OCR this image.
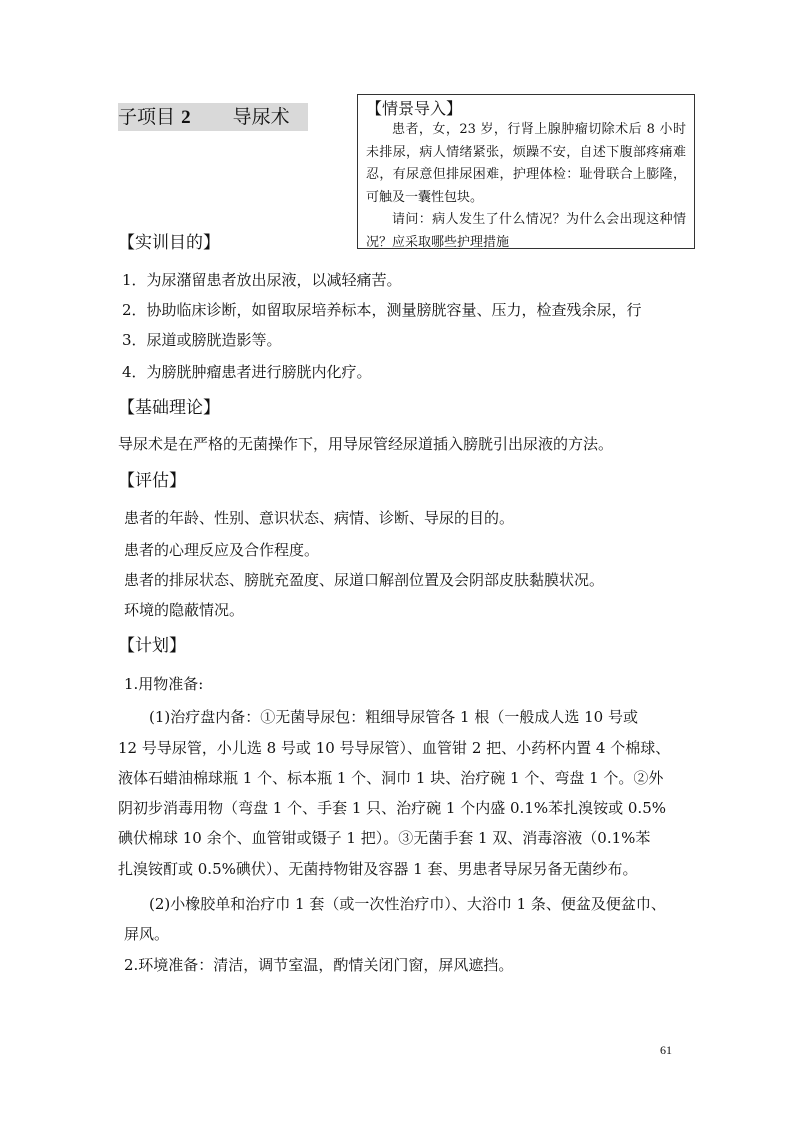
子项目 2 导尿术	【情景导入】

患者，女，23 岁，行肾上腺肿瘤切除术后 8 小时未排尿，病人情绪紧张，烦躁不安，自述下腹部疼痛难忍，有尿意但排尿困难，护理体检：耻骨联合上膨隆，可触及一囊性包块。

请问：病人发生了什么情况？为什么会出现这种情况？应采取哪些护理措施

【实训目的】
1．为尿潴留患者放出尿液，以减轻痛苦。
2．协助临床诊断，如留取尿培养标本，测量膀胱容量、压力，检查残余尿，行
3．尿道或膀胱造影等。
4．为膀胱肿瘤患者进行膀胱内化疗。
【基础理论】
导尿术是在严格的无菌操作下，用导尿管经尿道插入膀胱引出尿液的方法。
【评估】
患者的年龄、性别、意识状态、病情、诊断、导尿的目的。
患者的心理反应及合作程度。
患者的排尿状态、膀胱充盈度、尿道口解剖位置及会阴部皮肤黏膜状况。
环境的隐蔽情况。
【计划】
1.用物准备:
(1)治疗盘内备：①无菌导尿包：粗细导尿管各 1 根（一般成人选 10 号或
12 号导尿管，小儿选 8 号或 10 号导尿管）、血管钳 2 把、小药杯内置 4 个棉球、
液体石蜡油棉球瓶 1 个、标本瓶 1 个、洞巾 1 块、治疗碗 1 个、弯盘 1 个。②外
阴初步消毒用物（弯盘 1 个、手套 1 只、治疗碗 1 个内盛 0.1%苯扎溴铵或 0.5%
碘伏棉球 10 余个、血管钳或镊子 1 把）。③无菌手套 1 双、消毒溶液（0.1%苯
扎溴铵酊或 0.5%碘伏）、无菌持物钳及容器 1 套、男患者导尿另备无菌纱布。
(2)小橡胶单和治疗巾 1 套（或一次性治疗巾）、大浴巾 1 条、便盆及便盆巾、
屏风。
2.环境准备：清洁，调节室温，酌情关闭门窗，屏风遮挡。
61
